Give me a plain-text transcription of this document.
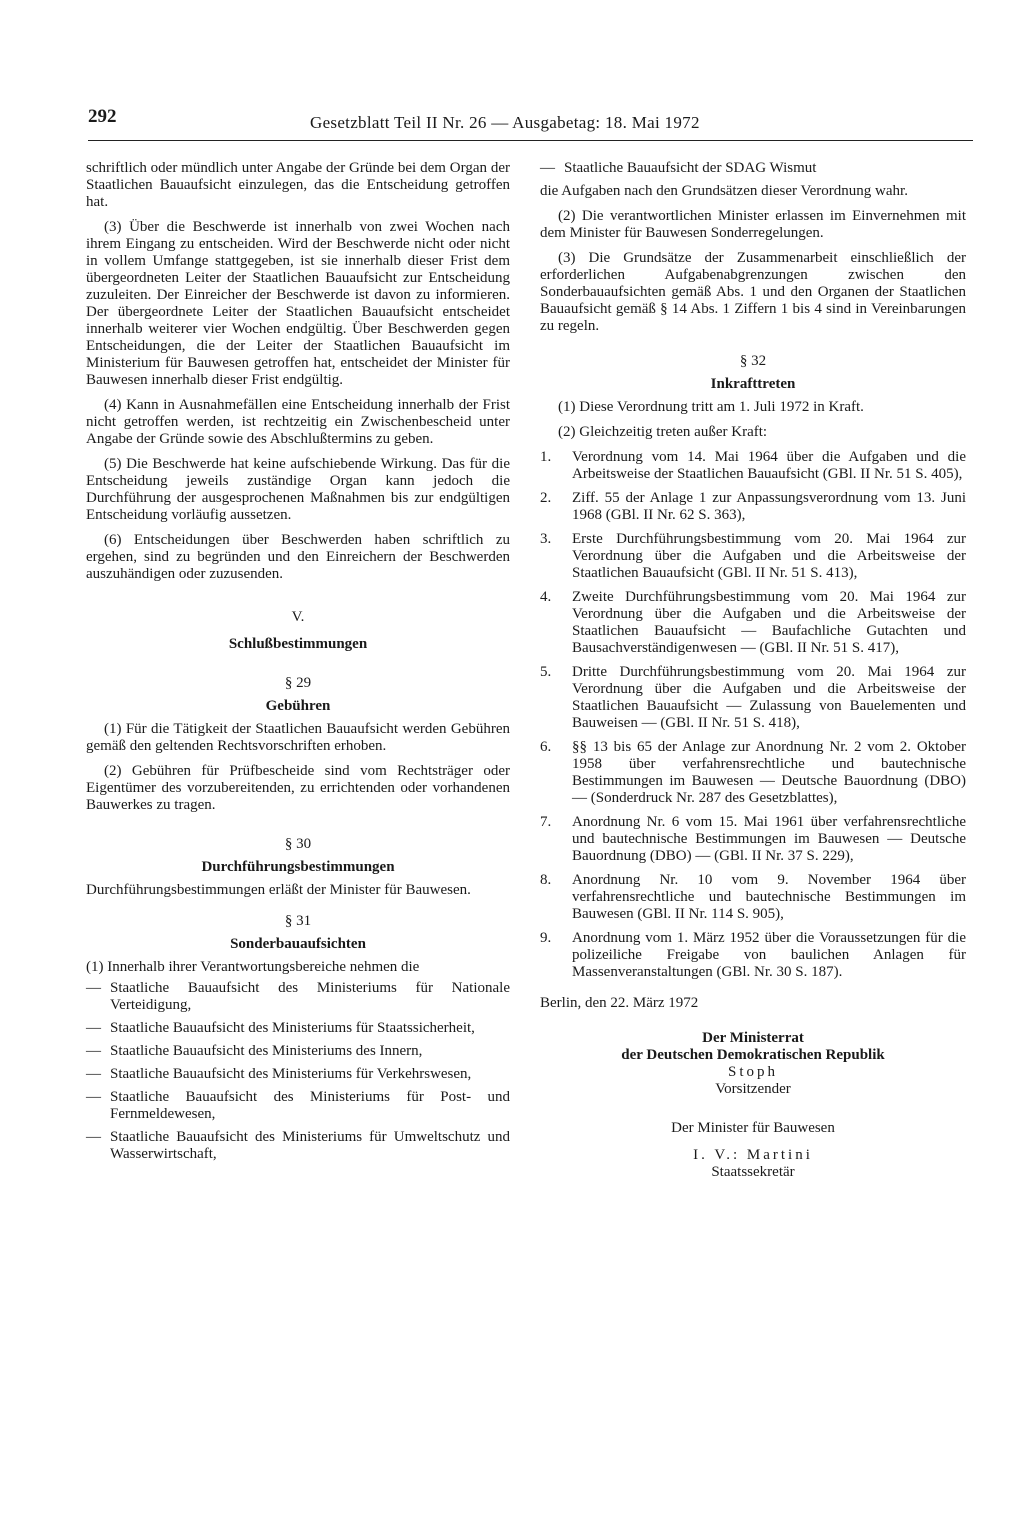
292	Gesetzblatt Teil II Nr. 26 — Ausgabetag: 18. Mai 1972

schriftlich oder mündlich unter Angabe der Gründe bei dem Organ der Staatlichen Bauaufsicht einzulegen, das die Entscheidung getroffen hat.

(3) Über die Beschwerde ist innerhalb von zwei Wochen nach ihrem Eingang zu entscheiden. Wird der Beschwerde nicht oder nicht in vollem Umfange stattgegeben, ist sie innerhalb dieser Frist dem übergeordneten Leiter der Staatlichen Bauaufsicht zur Entscheidung zuzuleiten. Der Einreicher der Beschwerde ist davon zu informieren. Der übergeordnete Leiter der Staatlichen Bauaufsicht entscheidet innerhalb weiterer vier Wochen endgültig. Über Beschwerden gegen Entscheidungen, die der Leiter der Staatlichen Bauaufsicht im Ministerium für Bauwesen getroffen hat, entscheidet der Minister für Bauwesen innerhalb dieser Frist endgültig.

(4) Kann in Ausnahmefällen eine Entscheidung innerhalb der Frist nicht getroffen werden, ist rechtzeitig ein Zwischenbescheid unter Angabe der Gründe sowie des Abschlußtermins zu geben.

(5) Die Beschwerde hat keine aufschiebende Wirkung. Das für die Entscheidung jeweils zuständige Organ kann jedoch die Durchführung der ausgesprochenen Maßnahmen bis zur endgültigen Entscheidung vorläufig aussetzen.

(6) Entscheidungen über Beschwerden haben schriftlich zu ergehen, sind zu begründen und den Einreichern der Beschwerden auszuhändigen oder zuzusenden.

V.
Schlußbestimmungen
§ 29
Gebühren

(1) Für die Tätigkeit der Staatlichen Bauaufsicht werden Gebühren gemäß den geltenden Rechtsvorschriften erhoben.

(2) Gebühren für Prüfbescheide sind vom Rechtsträger oder Eigentümer des vorzubereitenden, zu errichtenden oder vorhandenen Bauwerkes zu tragen.

§ 30
Durchführungsbestimmungen

Durchführungsbestimmungen erläßt der Minister für Bauwesen.

§ 31
Sonderbauaufsichten

(1) Innerhalb ihrer Verantwortungsbereiche nehmen die

— Staatliche Bauaufsicht des Ministeriums für Nationale Verteidigung,
— Staatliche Bauaufsicht des Ministeriums für Staatssicherheit,
— Staatliche Bauaufsicht des Ministeriums des Innern,
— Staatliche Bauaufsicht des Ministeriums für Verkehrswesen,
— Staatliche Bauaufsicht des Ministeriums für Post- und Fernmeldewesen,
— Staatliche Bauaufsicht des Ministeriums für Umweltschutz und Wasserwirtschaft,
— Staatliche Bauaufsicht der SDAG Wismut

die Aufgaben nach den Grundsätzen dieser Verordnung wahr.

(2) Die verantwortlichen Minister erlassen im Einvernehmen mit dem Minister für Bauwesen Sonderregelungen.

(3) Die Grundsätze der Zusammenarbeit einschließlich der erforderlichen Aufgabenabgrenzungen zwischen den Sonderbauaufsichten gemäß Abs. 1 und den Organen der Staatlichen Bauaufsicht gemäß § 14 Abs. 1 Ziffern 1 bis 4 sind in Vereinbarungen zu regeln.

§ 32
Inkrafttreten

(1) Diese Verordnung tritt am 1. Juli 1972 in Kraft.

(2) Gleichzeitig treten außer Kraft:

1. Verordnung vom 14. Mai 1964 über die Aufgaben und die Arbeitsweise der Staatlichen Bauaufsicht (GBl. II Nr. 51 S. 405),
2. Ziff. 55 der Anlage 1 zur Anpassungsverordnung vom 13. Juni 1968 (GBl. II Nr. 62 S. 363),
3. Erste Durchführungsbestimmung vom 20. Mai 1964 zur Verordnung über die Aufgaben und die Arbeitsweise der Staatlichen Bauaufsicht (GBl. II Nr. 51 S. 413),
4. Zweite Durchführungsbestimmung vom 20. Mai 1964 zur Verordnung über die Aufgaben und die Arbeitsweise der Staatlichen Bauaufsicht — Baufachliche Gutachten und Bausachverständigenwesen — (GBl. II Nr. 51 S. 417),
5. Dritte Durchführungsbestimmung vom 20. Mai 1964 zur Verordnung über die Aufgaben und die Arbeitsweise der Staatlichen Bauaufsicht — Zulassung von Bauelementen und Bauweisen — (GBl. II Nr. 51 S. 418),
6. §§ 13 bis 65 der Anlage zur Anordnung Nr. 2 vom 2. Oktober 1958 über verfahrensrechtliche und bautechnische Bestimmungen im Bauwesen — Deutsche Bauordnung (DBO) — (Sonderdruck Nr. 287 des Gesetzblattes),
7. Anordnung Nr. 6 vom 15. Mai 1961 über verfahrensrechtliche und bautechnische Bestimmungen im Bauwesen — Deutsche Bauordnung (DBO) — (GBl. II Nr. 37 S. 229),
8. Anordnung Nr. 10 vom 9. November 1964 über verfahrensrechtliche und bautechnische Bestimmungen im Bauwesen (GBl. II Nr. 114 S. 905),
9. Anordnung vom 1. März 1952 über die Voraussetzungen für die polizeiliche Freigabe von baulichen Anlagen für Massenveranstaltungen (GBl. Nr. 30 S. 187).

Berlin, den 22. März 1972

Der Ministerrat
der Deutschen Demokratischen Republik
Stoph
Vorsitzender
Der Minister für Bauwesen
I. V.: Martini
Staatssekretär
